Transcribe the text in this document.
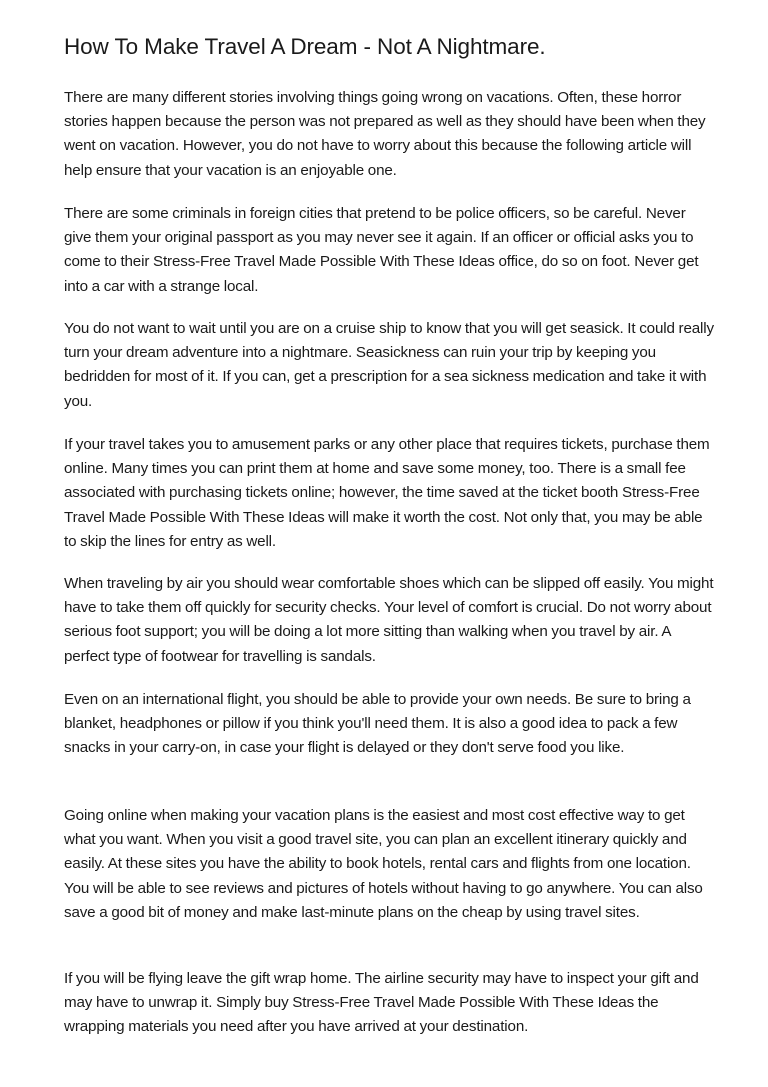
How To Make Travel A Dream - Not A Nightmare.

There are many different stories involving things going wrong on vacations. Often, these horror stories happen because the person was not prepared as well as they should have been when they went on vacation. However, you do not have to worry about this because the following article will help ensure that your vacation is an enjoyable one.

There are some criminals in foreign cities that pretend to be police officers, so be careful. Never give them your original passport as you may never see it again. If an officer or official asks you to come to their Stress-Free Travel Made Possible With These Ideas office, do so on foot. Never get into a car with a strange local.

You do not want to wait until you are on a cruise ship to know that you will get seasick. It could really turn your dream adventure into a nightmare. Seasickness can ruin your trip by keeping you bedridden for most of it. If you can, get a prescription for a sea sickness medication and take it with you.

If your travel takes you to amusement parks or any other place that requires tickets, purchase them online. Many times you can print them at home and save some money, too. There is a small fee associated with purchasing tickets online; however, the time saved at the ticket booth Stress-Free Travel Made Possible With These Ideas will make it worth the cost. Not only that, you may be able to skip the lines for entry as well.

When traveling by air you should wear comfortable shoes which can be slipped off easily. You might have to take them off quickly for security checks. Your level of comfort is crucial. Do not worry about serious foot support; you will be doing a lot more sitting than walking when you travel by air. A perfect type of footwear for travelling is sandals.

Even on an international flight, you should be able to provide your own needs. Be sure to bring a blanket, headphones or pillow if you think you'll need them. It is also a good idea to pack a few snacks in your carry-on, in case your flight is delayed or they don't serve food you like.

Going online when making your vacation plans is the easiest and most cost effective way to get what you want. When you visit a good travel site, you can plan an excellent itinerary quickly and easily. At these sites you have the ability to book hotels, rental cars and flights from one location. You will be able to see reviews and pictures of hotels without having to go anywhere. You can also save a good bit of money and make last-minute plans on the cheap by using travel sites.

If you will be flying leave the gift wrap home. The airline security may have to inspect your gift and may have to unwrap it. Simply buy Stress-Free Travel Made Possible With These Ideas the wrapping materials you need after you have arrived at your destination.
